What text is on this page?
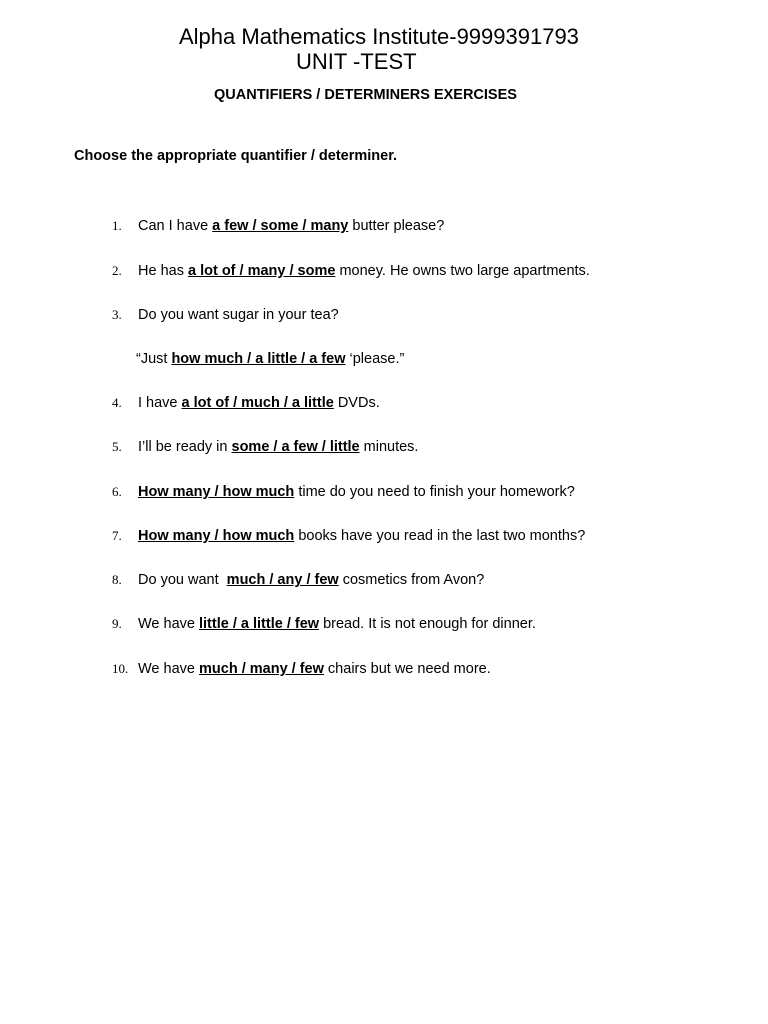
Alpha Mathematics Institute-9999391793
UNIT -TEST
QUANTIFIERS / DETERMINERS EXERCISES
Choose the appropriate quantifier / determiner.
1. Can I have a few / some / many butter please?
2. He has a lot of / many / some money. He owns two large apartments.
3. Do you want sugar in your tea?
“Just how much / a little / a few ‘please.”
4. I have a lot of / much / a little DVDs.
5. I’ll be ready in some / a few / little minutes.
6. How many / how much time do you need to finish your homework?
7. How many / how much books have you read in the last two months?
8. Do you want  much / any / few cosmetics from Avon?
9. We have little / a little / few bread. It is not enough for dinner.
10. We have much / many / few chairs but we need more.
